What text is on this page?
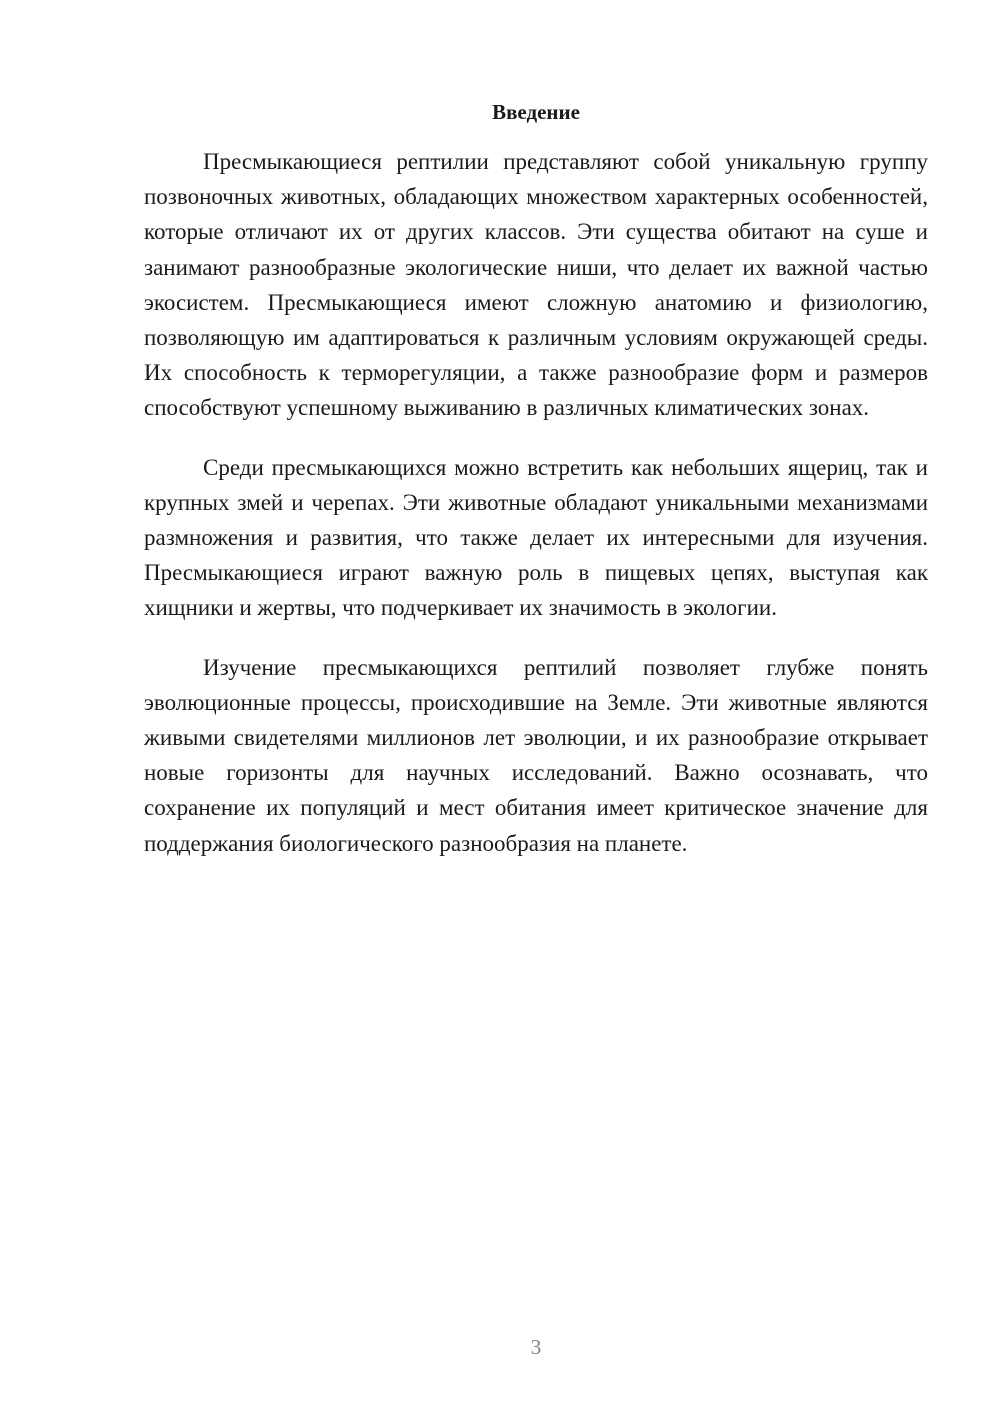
Введение

Пресмыкающиеся рептилии представляют собой уникальную группу позвоночных животных, обладающих множеством характерных особенностей, которые отличают их от других классов. Эти существа обитают на суше и занимают разнообразные экологические ниши, что делает их важной частью экосистем. Пресмыкающиеся имеют сложную анатомию и физиологию, позволяющую им адаптироваться к различным условиям окружающей среды. Их способность к терморегуляции, а также разнообразие форм и размеров способствуют успешному выживанию в различных климатических зонах.

Среди пресмыкающихся можно встретить как небольших ящериц, так и крупных змей и черепах. Эти животные обладают уникальными механизмами размножения и развития, что также делает их интересными для изучения. Пресмыкающиеся играют важную роль в пищевых цепях, выступая как хищники и жертвы, что подчеркивает их значимость в экологии.

Изучение пресмыкающихся рептилий позволяет глубже понять эволюционные процессы, происходившие на Земле. Эти животные являются живыми свидетелями миллионов лет эволюции, и их разнообразие открывает новые горизонты для научных исследований. Важно осознавать, что сохранение их популяций и мест обитания имеет критическое значение для поддержания биологического разнообразия на планете.

3
